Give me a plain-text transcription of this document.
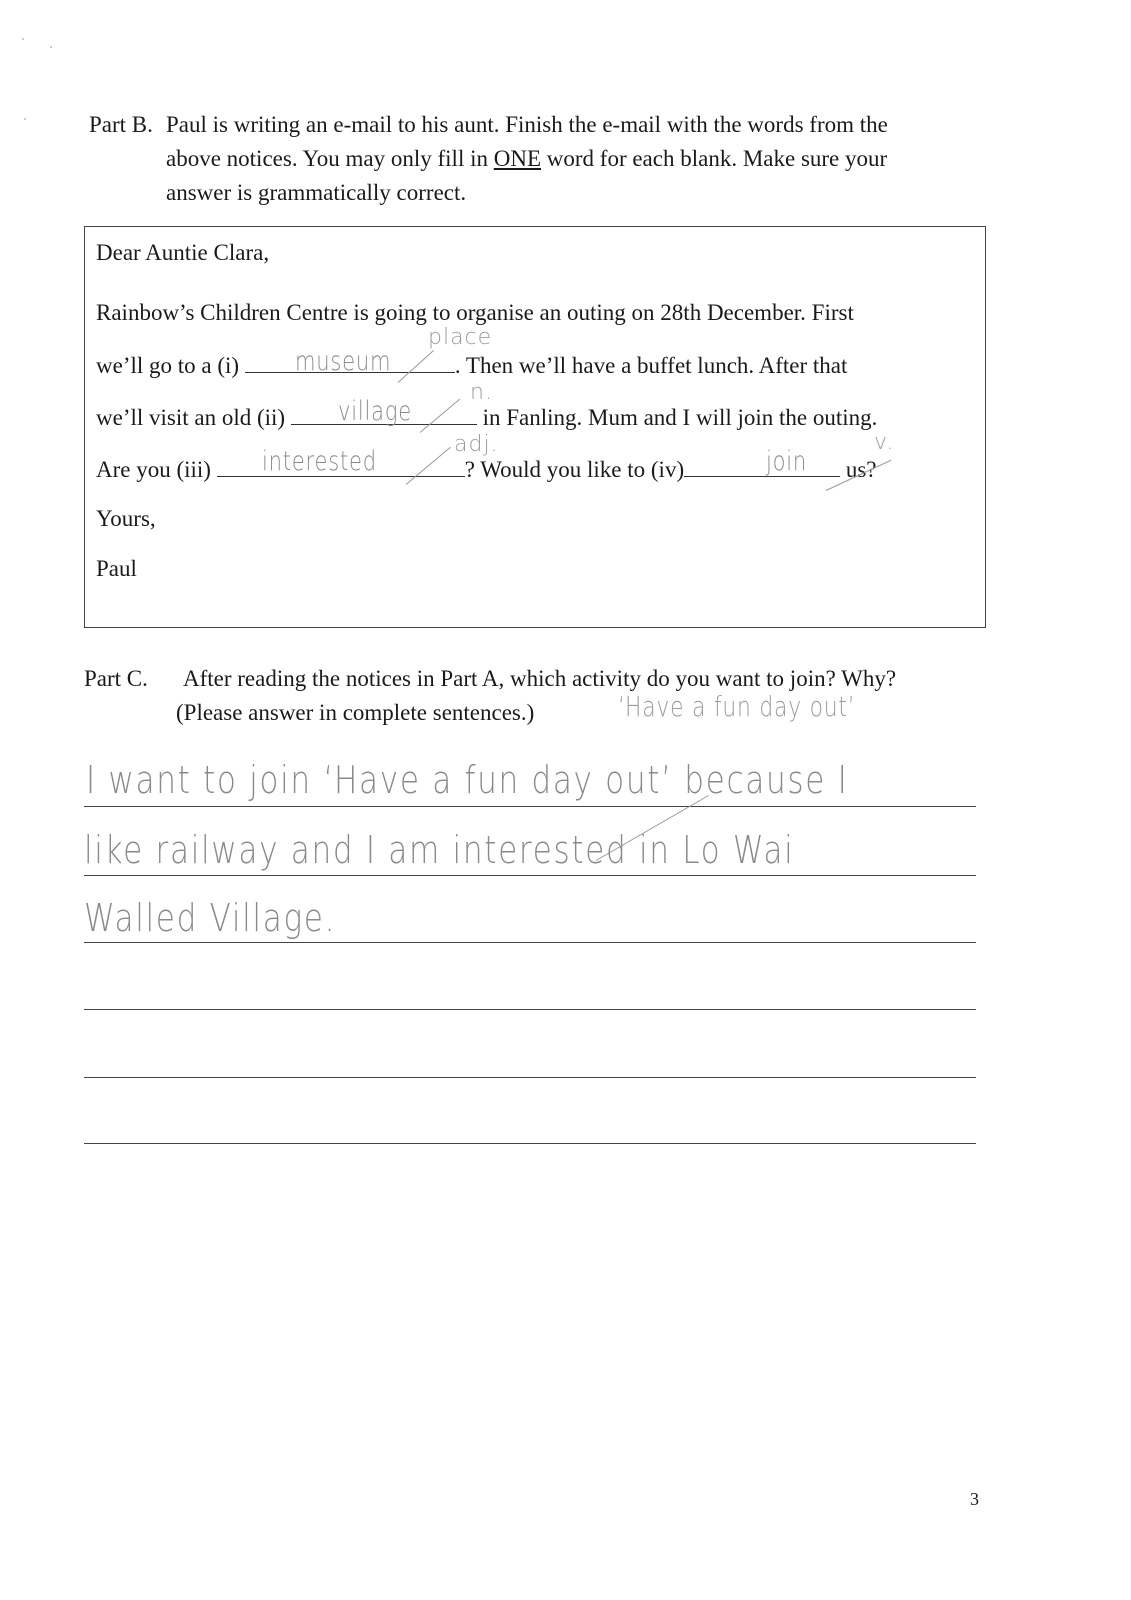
Part B. Paul is writing an e-mail to his aunt. Finish the e-mail with the words from the
above notices. You may only fill in ONE word for each blank. Make sure your
answer is grammatically correct.
Dear Auntie Clara,
Rainbow’s Children Centre is going to organise an outing on 28th December. First
we’ll go to a (i)	. Then we’ll have a buffet lunch. After that
museum
place
we’ll visit an old (ii)	in Fanling. Mum and I will join the outing.
village
n.
Are you (iii)	? Would you like to (iv)	us?
interested
adj.
join
v.
Yours,
Paul
Part C. After reading the notices in Part A, which activity do you want to join? Why?
(Please answer in complete sentences.)	‘Have a fun day out’
I want to join ‘Have a fun day out’ because I
like railway and I am interested in Lo Wai
Walled Village.
3
